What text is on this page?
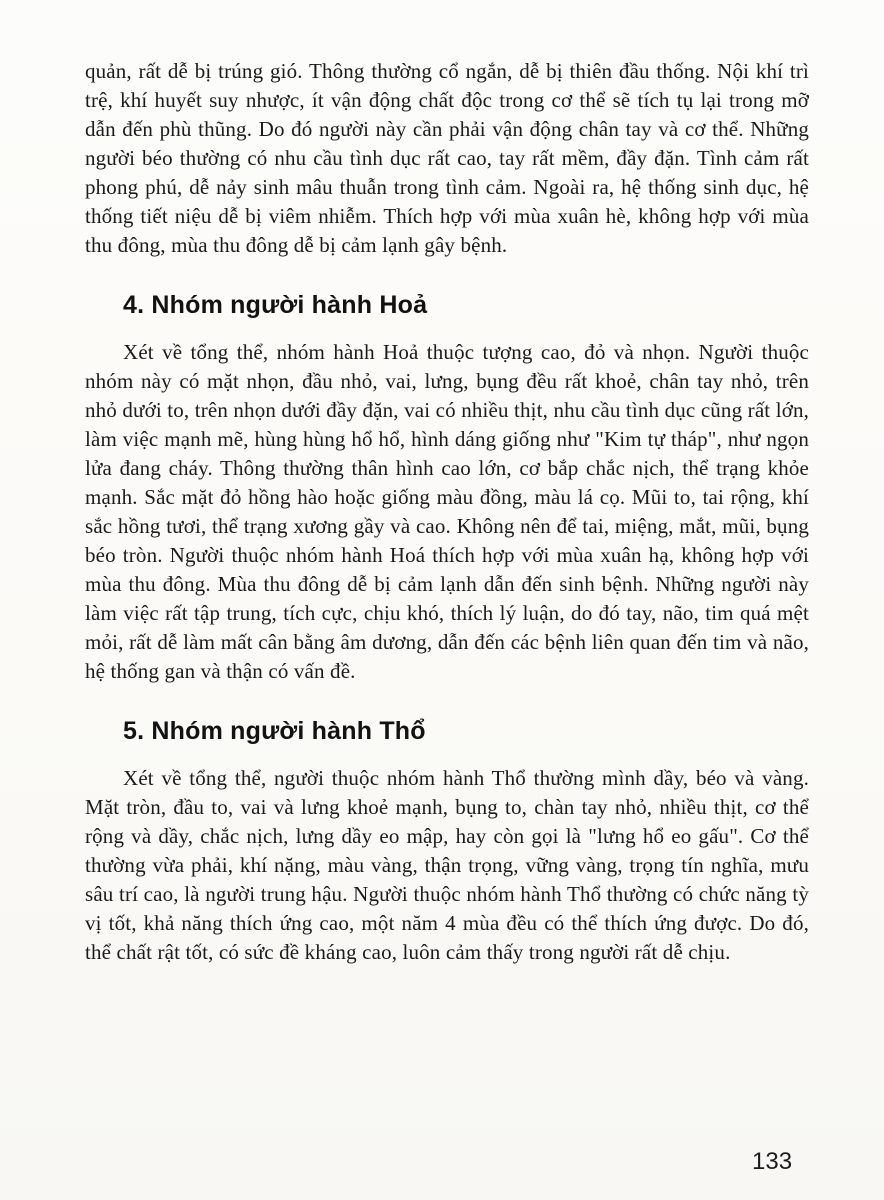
quản, rất dễ bị trúng gió. Thông thường cổ ngắn, dễ bị thiên đầu thống. Nội khí trì trệ, khí huyết suy nhược, ít vận động chất độc trong cơ thể sẽ tích tụ lại trong mỡ dẫn đến phù thũng. Do đó người này cần phải vận động chân tay và cơ thể. Những người béo thường có nhu cầu tình dục rất cao, tay rất mềm, đầy đặn. Tình cảm rất phong phú, dễ nảy sinh mâu thuẫn trong tình cảm. Ngoài ra, hệ thống sinh dục, hệ thống tiết niệu dễ bị viêm nhiễm. Thích hợp với mùa xuân hè, không hợp với mùa thu đông, mùa thu đông dễ bị cảm lạnh gây bệnh.

4. Nhóm người hành Hoả

Xét về tổng thể, nhóm hành Hoả thuộc tượng cao, đỏ và nhọn. Người thuộc nhóm này có mặt nhọn, đầu nhỏ, vai, lưng, bụng đều rất khoẻ, chân tay nhỏ, trên nhỏ dưới to, trên nhọn dưới đầy đặn, vai có nhiều thịt, nhu cầu tình dục cũng rất lớn, làm việc mạnh mẽ, hùng hùng hổ hổ, hình dáng giống như "Kim tự tháp", như ngọn lửa đang cháy. Thông thường thân hình cao lớn, cơ bắp chắc nịch, thể trạng khỏe mạnh. Sắc mặt đỏ hồng hào hoặc giống màu đồng, màu lá cọ. Mũi to, tai rộng, khí sắc hồng tươi, thể trạng xương gầy và cao. Không nên để tai, miệng, mắt, mũi, bụng béo tròn. Người thuộc nhóm hành Hoá thích hợp với mùa xuân hạ, không hợp với mùa thu đông. Mùa thu đông dễ bị cảm lạnh dẫn đến sinh bệnh. Những người này làm việc rất tập trung, tích cực, chịu khó, thích lý luận, do đó tay, não, tim quá mệt mỏi, rất dễ làm mất cân bằng âm dương, dẫn đến các bệnh liên quan đến tim và não, hệ thống gan và thận có vấn đề.

5. Nhóm người hành Thổ

Xét về tổng thể, người thuộc nhóm hành Thổ thường mình dầy, béo và vàng. Mặt tròn, đầu to, vai và lưng khoẻ mạnh, bụng to, chàn tay nhỏ, nhiều thịt, cơ thể rộng và dầy, chắc nịch, lưng dầy eo mập, hay còn gọi là "lưng hổ eo gấu". Cơ thể thường vừa phải, khí nặng, màu vàng, thận trọng, vững vàng, trọng tín nghĩa, mưu sâu trí cao, là người trung hậu. Người thuộc nhóm hành Thổ thường có chức năng tỳ vị tốt, khả năng thích ứng cao, một năm 4 mùa đều có thể thích ứng được. Do đó, thể chất rật tốt, có sức đề kháng cao, luôn cảm thấy trong người rất dễ chịu.

133
